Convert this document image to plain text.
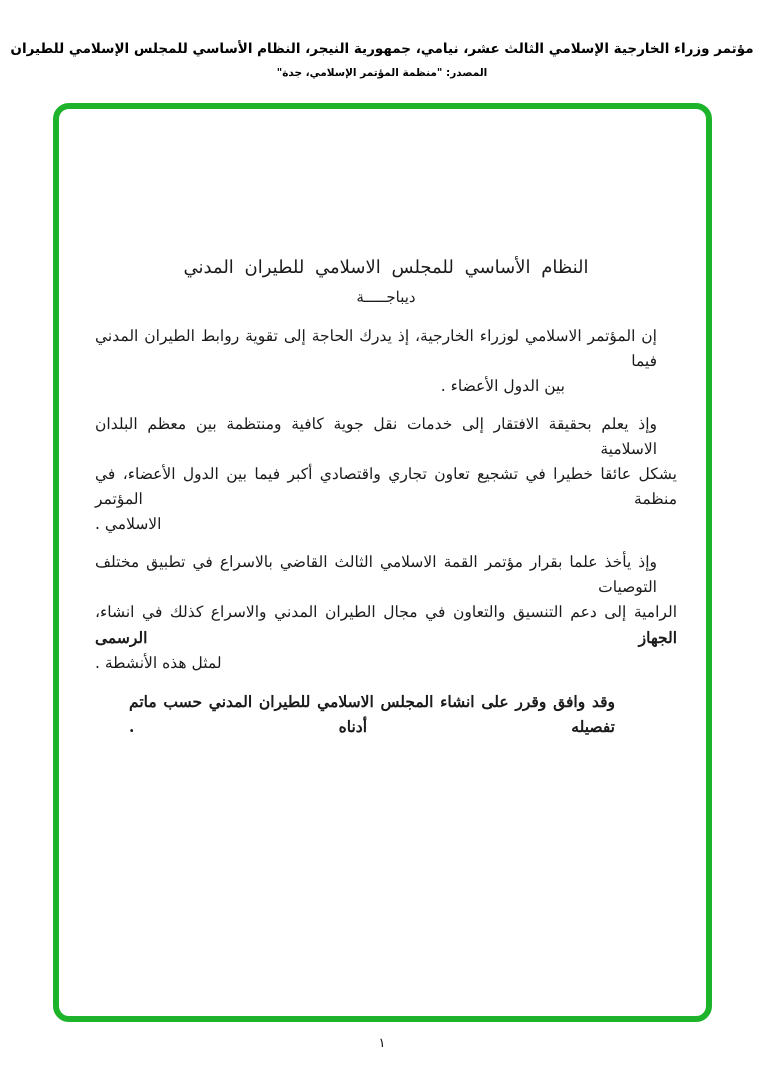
مؤتمر وزراء الخارجية الإسلامي الثالث عشر، نيامي، جمهورية النيجر، النظام الأساسي للمجلس الإسلامي للطيران
المصدر: "منظمة المؤتمر الإسلامي، جدة"
النظام الأساسي للمجلس الاسلامي للطيران المدني
ديباجـــــة
إن المؤتمر الاسلامي لوزراء الخارجية، إذ يدرك الحاجة إلى تقوية روابط الطيران المدني فيما
بين الدول الأعضاء .
وإذ يعلم بحقيقة الافتقار إلى خدمات نقل جوية كافية ومنتظمة بين معظم البلدان الاسلامية
يشكل عائقا خطيرا في تشجيع تعاون تجاري واقتصادي أكبر فيما بين الدول الأعضاء، في منظمة المؤتمر
الاسلامي .
وإذ يأخذ علما بقرار مؤتمر القمة الاسلامي الثالث القاضي بالاسراع في تطبيق مختلف التوصيات
الرامية إلى دعم التنسيق والتعاون في مجال الطيران المدني والاسراع كذلك في انشاء، الجهاز الرسمى
لمثل هذه الأنشطة .
وقد وافق وقرر على انشاء المجلس الاسلامي للطيران المدني حسب ماتم تفصيله أدناه .
١
